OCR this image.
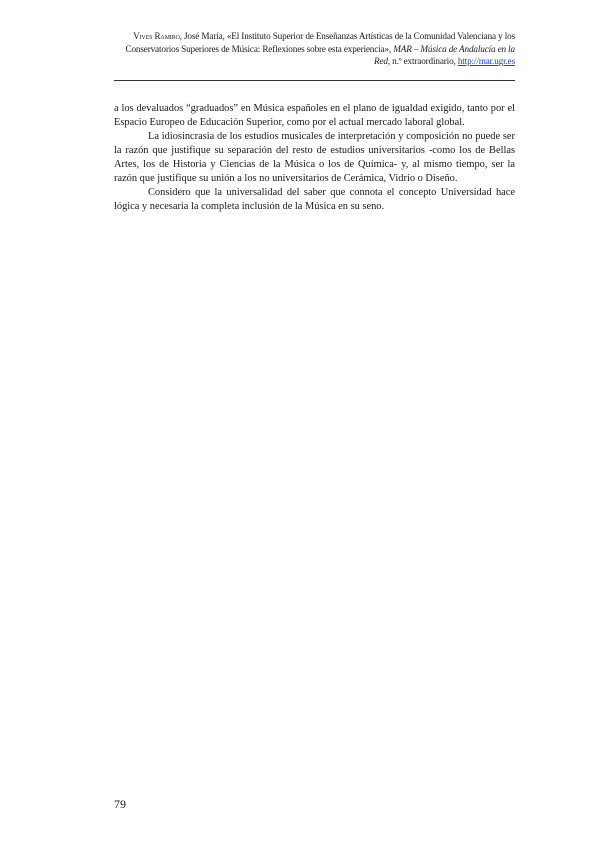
Vives Ramiro, José María, «El Instituto Superior de Enseñanzas Artísticas de la Comunidad Valenciana y los Conservatorios Superiores de Música: Reflexiones sobre esta experiencia», MAR – Música de Andalucía en la Red, n.º extraordinario, http://mar.ugr.es

a los devaluados “graduados” en Música españoles en el plano de igualdad exigido, tanto por el Espacio Europeo de Educación Superior, como por el actual mercado laboral global.

La idiosincrasia de los estudios musicales de interpretación y composición no puede ser la razón que justifique su separación del resto de estudios universitarios -como los de Bellas Artes, los de Historia y Ciencias de la Música o los de Química- y, al mismo tiempo, ser la razón que justifique su unión a los no universitarios de Cerámica, Vidrio o Diseño.

Considero que la universalidad del saber que connota el concepto Universidad hace lógica y necesaria la completa inclusión de la Música en su seno.

79
